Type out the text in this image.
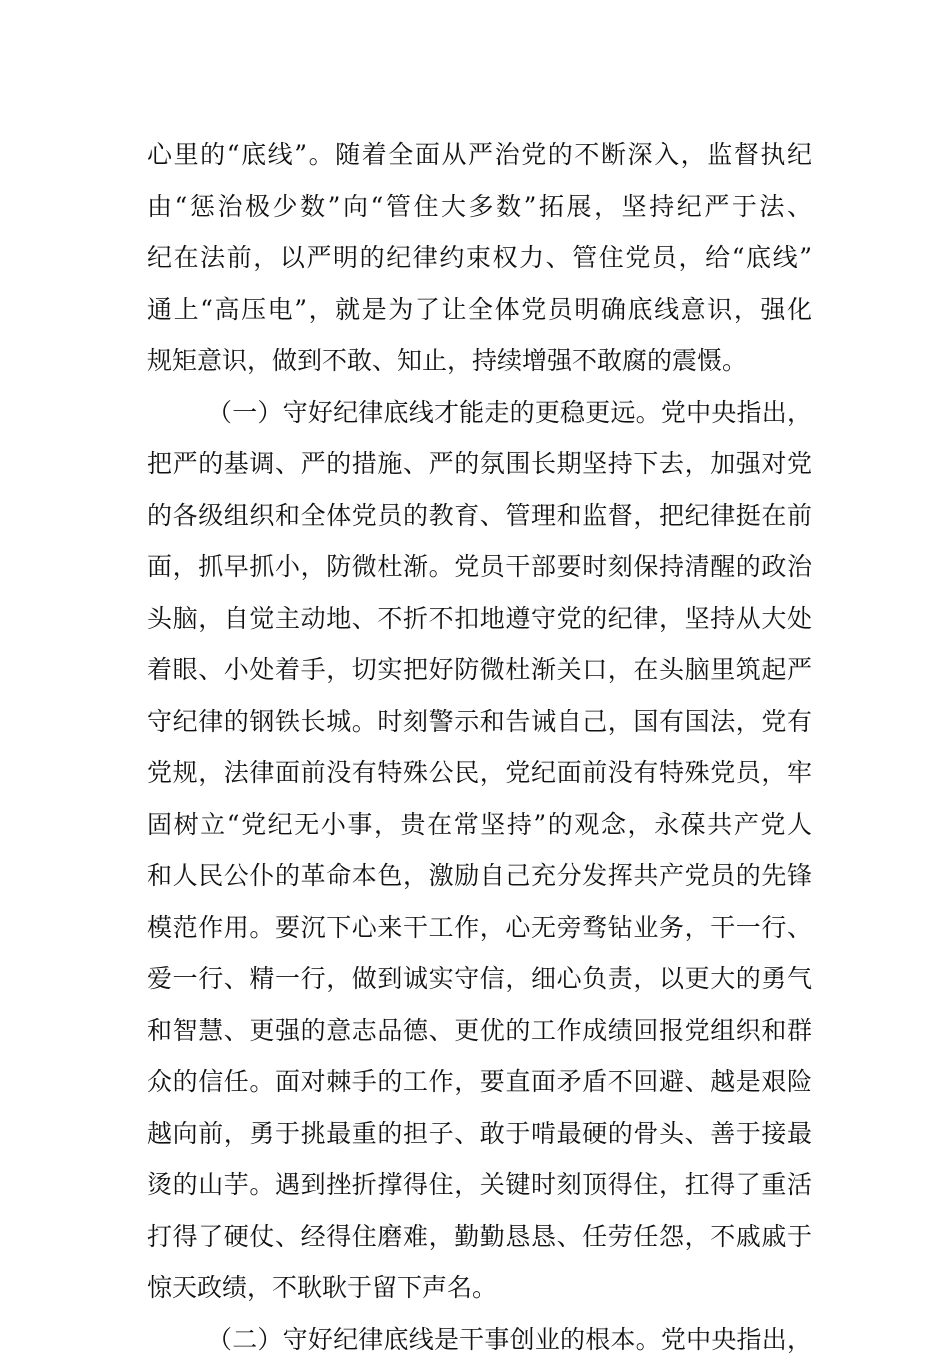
心里的“底线”。随着全面从严治党的不断深入，监督执纪
由“惩治极少数”向“管住大多数”拓展，坚持纪严于法、
纪在法前，以严明的纪律约束权力、管住党员，给“底线”
通上“高压电”，就是为了让全体党员明确底线意识，强化
规矩意识，做到不敢、知止，持续增强不敢腐的震慑。
（一）守好纪律底线才能走的更稳更远。党中央指出，
把严的基调、严的措施、严的氛围长期坚持下去，加强对党
的各级组织和全体党员的教育、管理和监督，把纪律挺在前
面，抓早抓小，防微杜渐。党员干部要时刻保持清醒的政治
头脑，自觉主动地、不折不扣地遵守党的纪律，坚持从大处
着眼、小处着手，切实把好防微杜渐关口，在头脑里筑起严
守纪律的钢铁长城。时刻警示和告诫自己，国有国法，党有
党规，法律面前没有特殊公民，党纪面前没有特殊党员，牢
固树立“党纪无小事，贵在常坚持”的观念，永葆共产党人
和人民公仆的革命本色，激励自己充分发挥共产党员的先锋
模范作用。要沉下心来干工作，心无旁骛钻业务，干一行、
爱一行、精一行，做到诚实守信，细心负责，以更大的勇气
和智慧、更强的意志品德、更优的工作成绩回报党组织和群
众的信任。面对棘手的工作，要直面矛盾不回避、越是艰险
越向前，勇于挑最重的担子、敢于啃最硬的骨头、善于接最
烫的山芋。遇到挫折撑得住，关键时刻顶得住，扛得了重活
打得了硬仗、经得住磨难，勤勤恳恳、任劳任怨，不戚戚于
惊天政绩，不耿耿于留下声名。
（二）守好纪律底线是干事创业的根本。党中央指出，
